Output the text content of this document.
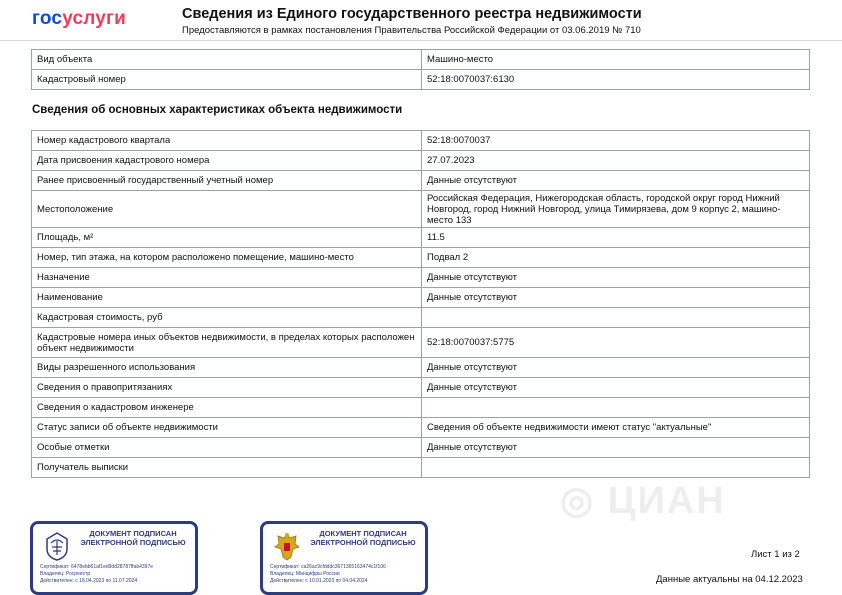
госуслуги	Сведения из Единого государственного реестра недвижимости
Предоставляются в рамках постановления Правительства Российской Федерации от 03.06.2019 № 710
Вид объекта	Машино-место
Кадастровый номер	52:18:0070037:6130
Сведения об основных характеристиках объекта недвижимости
Номер кадастрового квартала	52:18:0070037
Дата присвоения кадастрового номера	27.07.2023
Ранее присвоенный государственный учетный номер	Данные отсутствуют
Местоположение	Российская Федерация, Нижегородская область, городской округ город Нижний Новгород, город Нижний Новгород, улица Тимирязева, дом 9 корпус 2, машино-место 133
Площадь, м²	11.5
Номер, тип этажа, на котором расположено помещение, машино-место	Подвал 2
Назначение	Данные отсутствуют
Наименование	Данные отсутствуют
Кадастровая стоимость, руб	
Кадастровые номера иных объектов недвижимости, в пределах которых расположен объект недвижимости	52:18:0070037:5775
Виды разрешенного использования	Данные отсутствуют
Сведения о правопритязаниях	Данные отсутствуют
Сведения о кадастровом инженере	
Статус записи об объекте недвижимости	Сведения об объекте недвижимости имеют статус "актуальные"
Особые отметки	Данные отсутствуют
Получатель выписки	
◎ ЦИАН
ДОКУМЕНТ ПОДПИСАН ЭЛЕКТРОННОЙ ПОДПИСЬЮ
Сертификат: 6478ebb61af1ed9dd28787ffab4397e
Владелец: Росреестр
Действителен: с 18.04.2023 по 11.07.2024
ДОКУМЕНТ ПОДПИСАН ЭЛЕКТРОННОЙ ПОДПИСЬЮ
Сертификат: ca26ac9cfdddc3671365163474c1f106
Владелец: Минцифры России
Действителен: с 10.01.2023 по 04.04.2024
Лист 1 из 2
Данные актуальны на 04.12.2023
